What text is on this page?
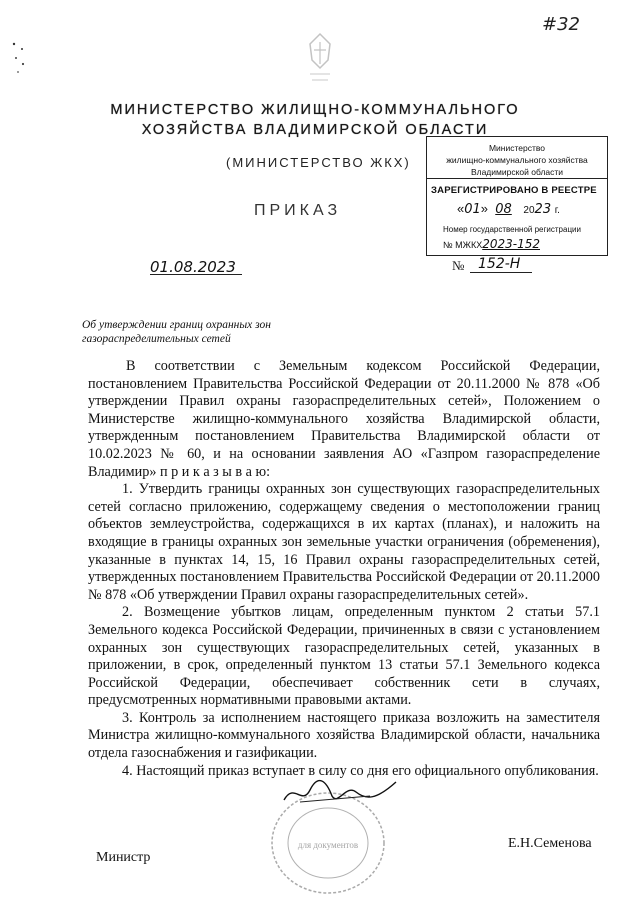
#32
МИНИСТЕРСТВО ЖИЛИЩНО-КОММУНАЛЬНОГО
ХОЗЯЙСТВА ВЛАДИМИРСКОЙ ОБЛАСТИ
(МИНИСТЕРСТВО ЖКХ)
ПРИКАЗ
Министерство
жилищно-коммунального хозяйства
Владимирской области
ЗАРЕГИСТРИРОВАНО В РЕЕСТРЕ
«01»  08 2023 г.
Номер государственной регистрации
№ МЖКХ2023-152
01.08.2023	№ 152-Н
Об утверждении границ охранных зон
газораспределительных сетей

В соответствии с Земельным кодексом Российской Федерации, постановлением Правительства Российской Федерации от 20.11.2000 № 878 «Об утверждении Правил охраны газораспределительных сетей», Положением о Министерстве жилищно-коммунального хозяйства Владимирской области, утвержденным постановлением Правительства Владимирской области от 10.02.2023 № 60, и на основании заявления АО «Газпром газораспределение Владимир» п р и к а з ы в а ю:

1. Утвердить границы охранных зон существующих газораспределительных сетей согласно приложению, содержащему сведения о местоположении границ объектов землеустройства, содержащихся в их картах (планах), и наложить на входящие в границы охранных зон земельные участки ограничения (обременения), указанные в пунктах 14, 15, 16 Правил охраны газораспределительных сетей, утвержденных постановлением Правительства Российской Федерации от 20.11.2000 № 878 «Об утверждении Правил охраны газораспределительных сетей».

2. Возмещение убытков лицам, определенным пунктом 2 статьи 57.1 Земельного кодекса Российской Федерации, причиненных в связи с установлением охранных зон существующих газораспределительных сетей, указанных в приложении, в срок, определенный пунктом 13 статьи 57.1 Земельного кодекса Российской Федерации, обеспечивает собственник сети в случаях, предусмотренных нормативными правовыми актами.

3. Контроль за исполнением настоящего приказа возложить на заместителя Министра жилищно-коммунального хозяйства Владимирской области, начальника отдела газоснабжения и газификации.

4. Настоящий приказ вступает в силу со дня его официального опубликования.

для документов
Министр
Е.Н.Семенова
